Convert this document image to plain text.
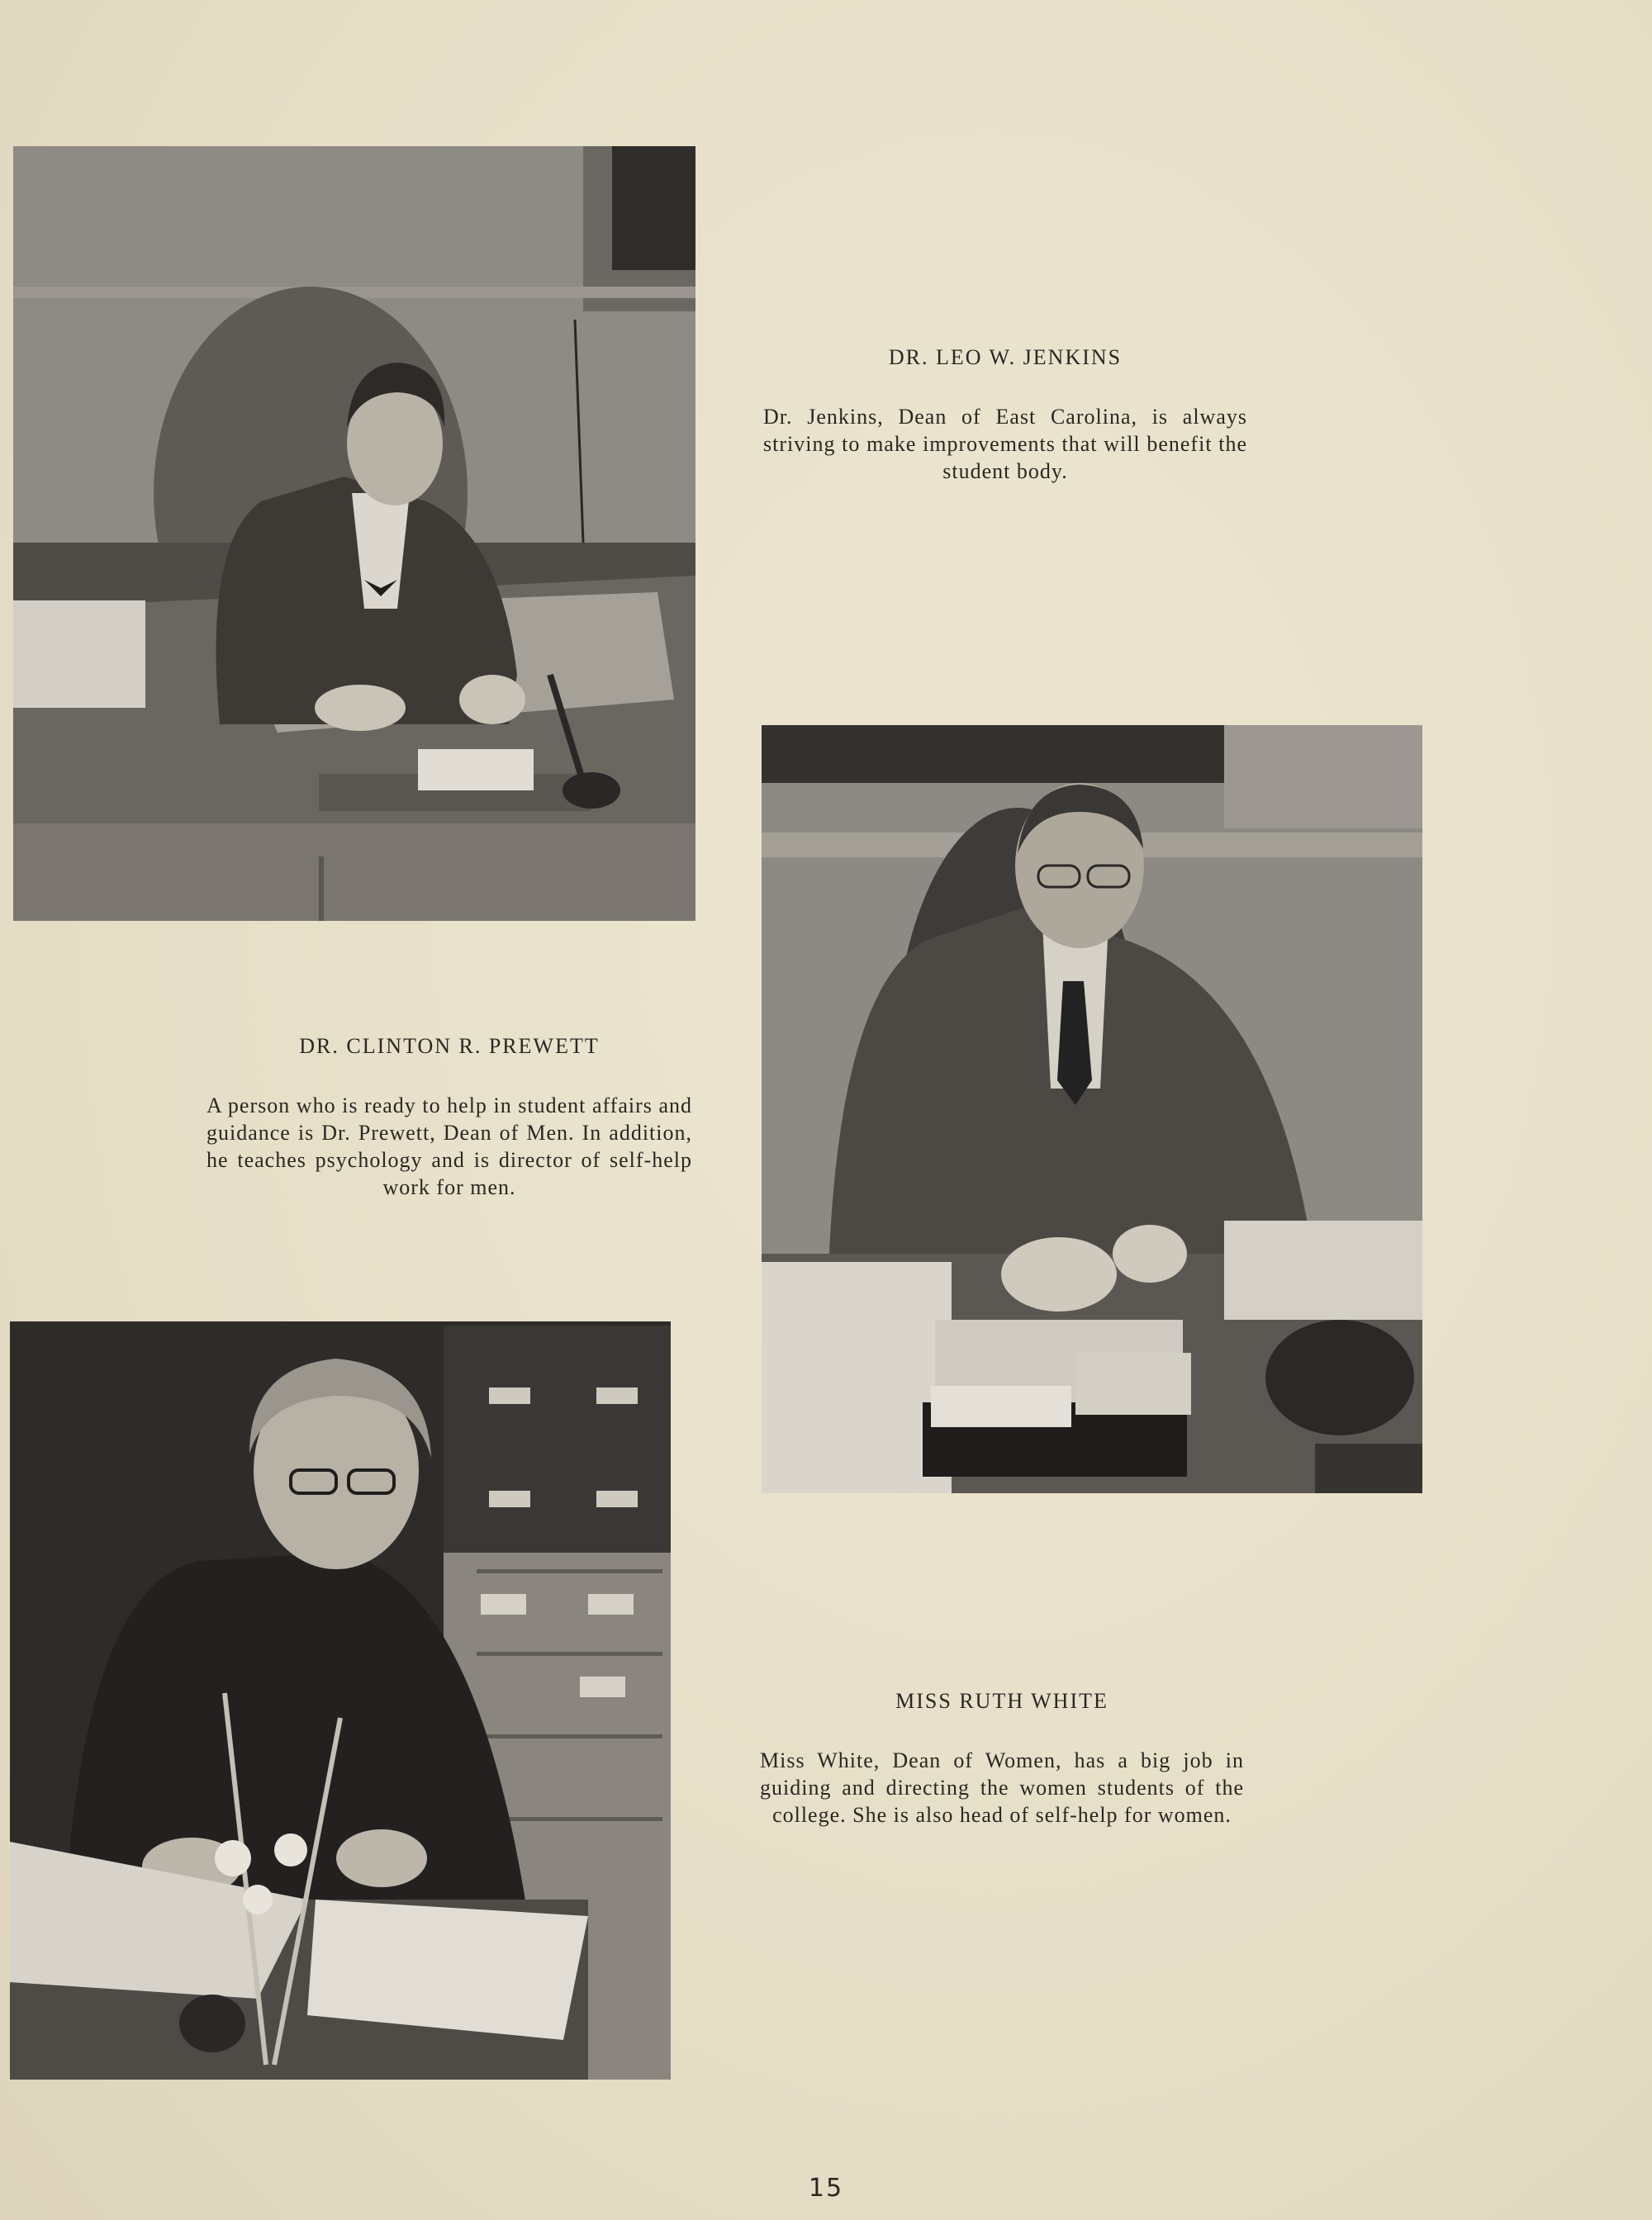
DR. LEO W. JENKINS

Dr. Jenkins, Dean of East Carolina, is always striving to make improvements that will benefit the student body.

DR. CLINTON R. PREWETT

A person who is ready to help in student affairs and guidance is Dr. Prewett, Dean of Men. In addition, he teaches psychology and is director of self-help work for men.

MISS RUTH WHITE

Miss White, Dean of Women, has a big job in guiding and directing the women students of the college. She is also head of self-help for women.

15
